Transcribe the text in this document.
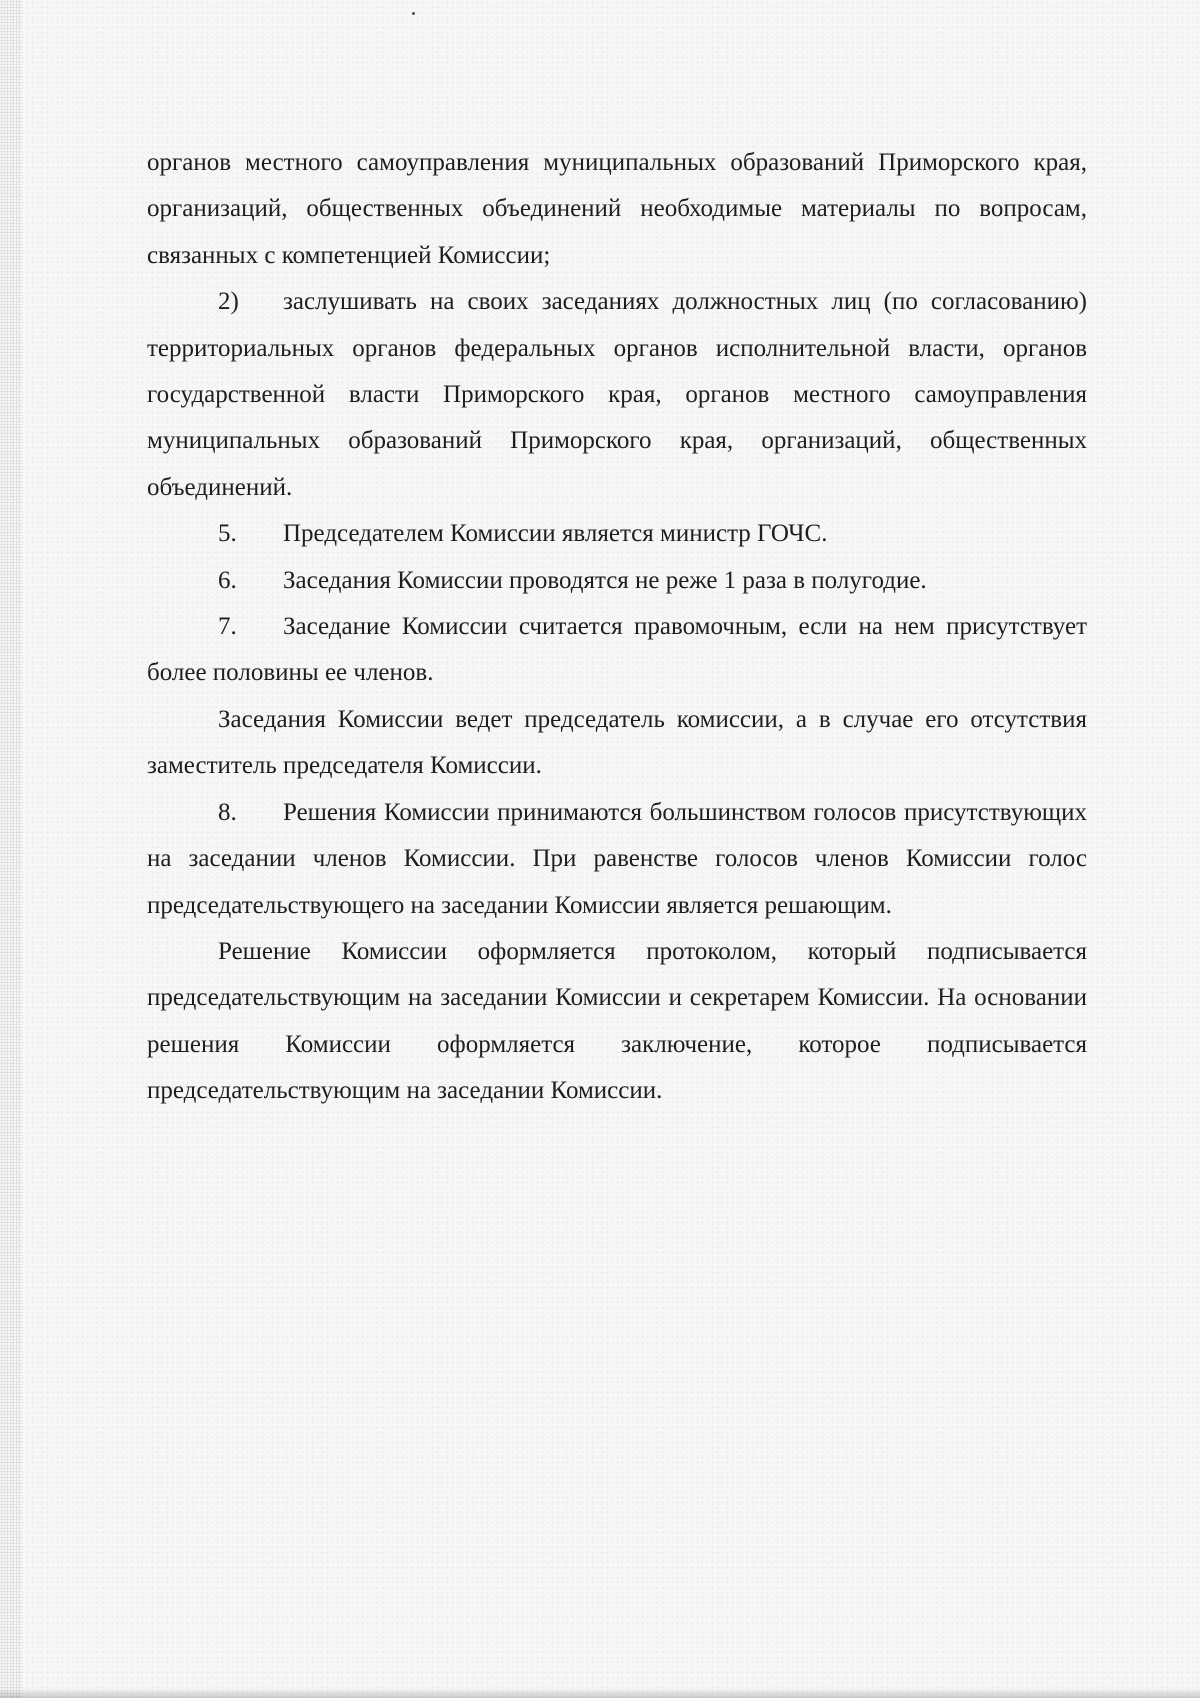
органов местного самоуправления муниципальных образований Приморского края, организаций, общественных объединений необходимые материалы по вопросам, связанных с компетенцией Комиссии;

2) заслушивать на своих заседаниях должностных лиц (по согласованию) территориальных органов федеральных органов исполнительной власти, органов государственной власти Приморского края, органов местного самоуправления муниципальных образований Приморского края, организаций, общественных объединений.

5. Председателем Комиссии является министр ГОЧС.

6. Заседания Комиссии проводятся не реже 1 раза в полугодие.

7. Заседание Комиссии считается правомочным, если на нем присутствует более половины ее членов.

Заседания Комиссии ведет председатель комиссии, а в случае его отсутствия заместитель председателя Комиссии.

8. Решения Комиссии принимаются большинством голосов присутствующих на заседании членов Комиссии. При равенстве голосов членов Комиссии голос председательствующего на заседании Комиссии является решающим.

Решение Комиссии оформляется протоколом, который подписывается председательствующим на заседании Комиссии и секретарем Комиссии. На основании решения Комиссии оформляется заключение, которое подписывается председательствующим на заседании Комиссии.
